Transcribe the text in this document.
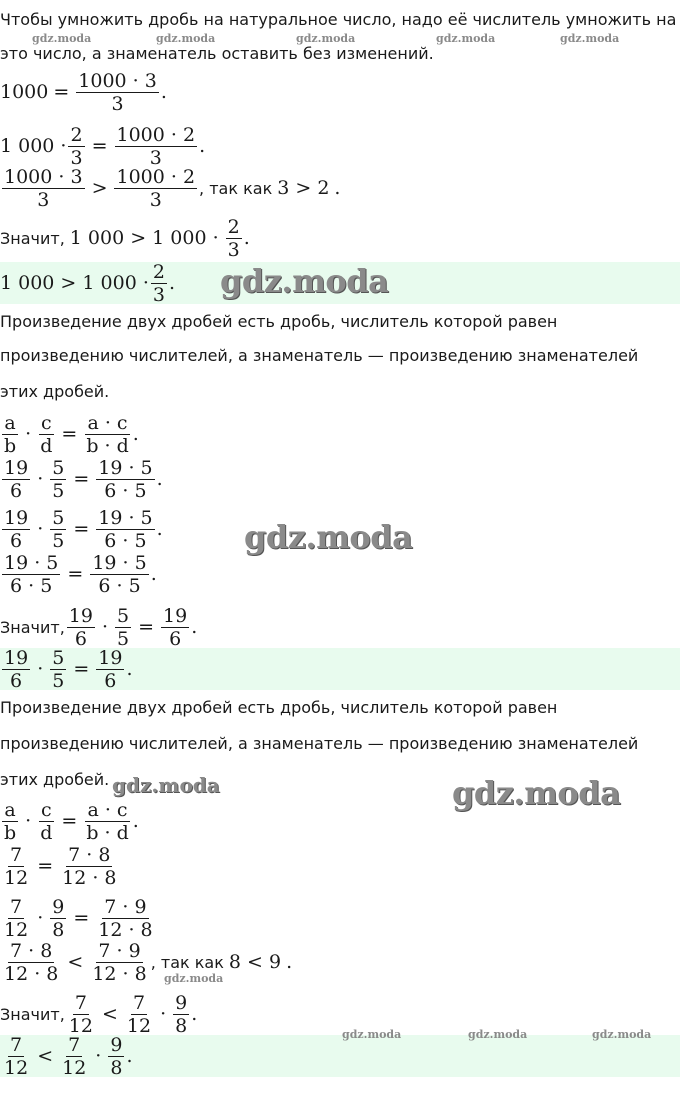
Чтобы умножить дробь на натуральное число, надо её числитель умножить на
это число, а знаменатель оставить без изменений.
$1000 = \frac{1000 \cdot 3}{3}$ .
1 $000 \cdot \frac{2}{3} = \frac{1000 \cdot 2}{3}$ .
$\frac{1000 \cdot 3}{3} > \frac{1000 \cdot 2}{3}$ , так как 3 > 2 .
Значит, 1 000 > 1 $000 \cdot \frac{2}{3}$ .
1 000 > 1 $000 \cdot \frac{2}{3}$ .
Произведение двух дробей есть дробь, числитель которой равен
произведению числителей, а знаменатель — произведению знаменателей
этих дробей.
$\frac{a}{b} \cdot \frac{c}{d} = \frac{a \cdot c}{b \cdot d}$ .
$\frac{19}{6} \cdot \frac{5}{5} = \frac{19 \cdot 5}{6 \cdot 5}$ .
$\frac{19}{6} \cdot \frac{5}{5} = \frac{19 \cdot 5}{6 \cdot 5}$ .
$\frac{19 \cdot 5}{6 \cdot 5} = \frac{19 \cdot 5}{6 \cdot 5}$ .
Значит, $\frac{19}{6} \cdot \frac{5}{5} = \frac{19}{6}$ .
$\frac{19}{6} \cdot \frac{5}{5} = \frac{19}{6}$ .
Произведение двух дробей есть дробь, числитель которой равен
произведению числителей, а знаменатель — произведению знаменателей
этих дробей.
$\frac{a}{b} \cdot \frac{c}{d} = \frac{a \cdot c}{b \cdot d}$ .
$\frac{7}{12} = \frac{7 \cdot 8}{12 \cdot 8}$
$\frac{7}{12} \cdot \frac{9}{8} = \frac{7 \cdot 9}{12 \cdot 8}$
$\frac{7 \cdot 8}{12 \cdot 8} < \frac{7 \cdot 9}{12 \cdot 8}$ , так как 8 < 9 .
Значит, $\frac{7}{12} < \frac{7}{12} \cdot \frac{9}{8}$ .
$\frac{7}{12} < \frac{7}{12} \cdot \frac{9}{8}$ .
gdz.moda	gdz.moda	gdz.moda	gdz.moda	gdz.moda
gdz.moda
gdz.moda
gdz.moda	gdz.moda
gdz.moda
gdz.moda	gdz.moda	gdz.moda
